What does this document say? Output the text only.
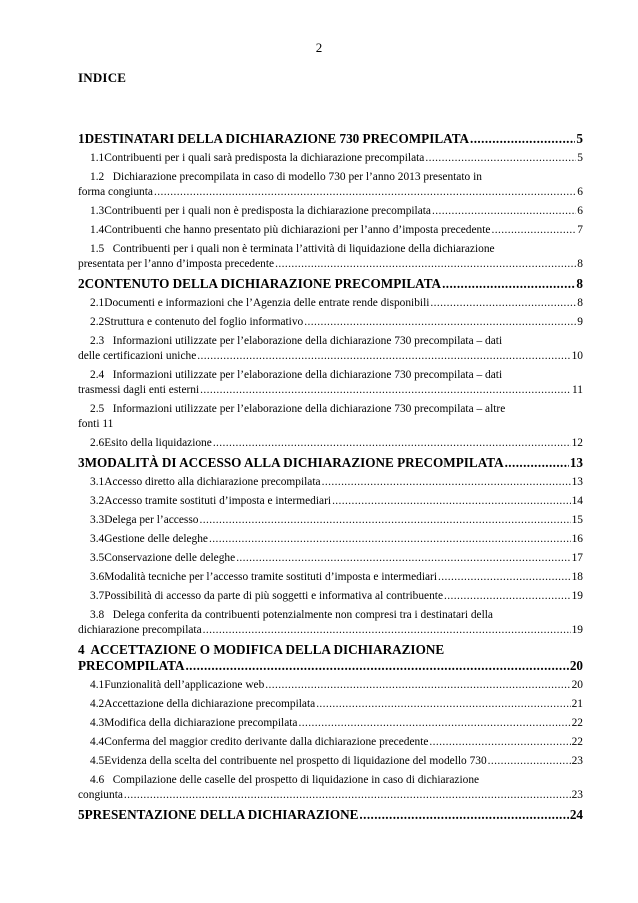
2
INDICE
1 DESTINATARI DELLA DICHIARAZIONE 730 PRECOMPILATA .....	5
1.1 Contribuenti per i quali sarà predisposta la dichiarazione precompilata .....	5
1.2 Dichiarazione precompilata in caso di modello 730 per l’anno 2013 presentato in
forma congiunta .....	6
1.3 Contribuenti per i quali non è predisposta la dichiarazione precompilata .....	6
1.4 Contribuenti che hanno presentato più dichiarazioni per l’anno d’imposta precedente .....	7
1.5 Contribuenti per i quali non è terminata l’attività di liquidazione della dichiarazione
presentata per l’anno d’imposta precedente .....	8
2 CONTENUTO DELLA DICHIARAZIONE PRECOMPILATA .....	8
2.1 Documenti e informazioni che l’Agenzia delle entrate rende disponibili .....	8
2.2 Struttura e contenuto del foglio informativo .....	9
2.3 Informazioni utilizzate per l’elaborazione della dichiarazione 730 precompilata – dati
delle certificazioni uniche .....	10
2.4 Informazioni utilizzate per l’elaborazione della dichiarazione 730 precompilata – dati
trasmessi dagli enti esterni .....	11
2.5 Informazioni utilizzate per l’elaborazione della dichiarazione 730 precompilata – altre
fonti 11
2.6 Esito della liquidazione .....	12
3 MODALITÀ DI ACCESSO ALLA DICHIARAZIONE PRECOMPILATA .....	13
3.1 Accesso diretto alla dichiarazione precompilata .....	13
3.2 Accesso tramite sostituti d’imposta e intermediari .....	14
3.3 Delega per l’accesso .....	15
3.4 Gestione delle deleghe .....	16
3.5 Conservazione delle deleghe .....	17
3.6 Modalità tecniche per l’accesso tramite sostituti d’imposta e intermediari .....	18
3.7 Possibilità di accesso da parte di più soggetti e informativa al contribuente .....	19
3.8 Delega conferita da contribuenti potenzialmente non compresi tra i destinatari della
dichiarazione precompilata .....	19
4 ACCETTAZIONE O MODIFICA DELLA DICHIARAZIONE
PRECOMPILATA .....	20
4.1 Funzionalità dell’applicazione web .....	20
4.2 Accettazione della dichiarazione precompilata .....	21
4.3 Modifica della dichiarazione precompilata .....	22
4.4 Conferma del maggior credito derivante dalla dichiarazione precedente .....	22
4.5 Evidenza della scelta del contribuente nel prospetto di liquidazione del modello 730 .....	23
4.6 Compilazione delle caselle del prospetto di liquidazione in caso di dichiarazione
congiunta .....	23
5 PRESENTAZIONE DELLA DICHIARAZIONE .....	24
